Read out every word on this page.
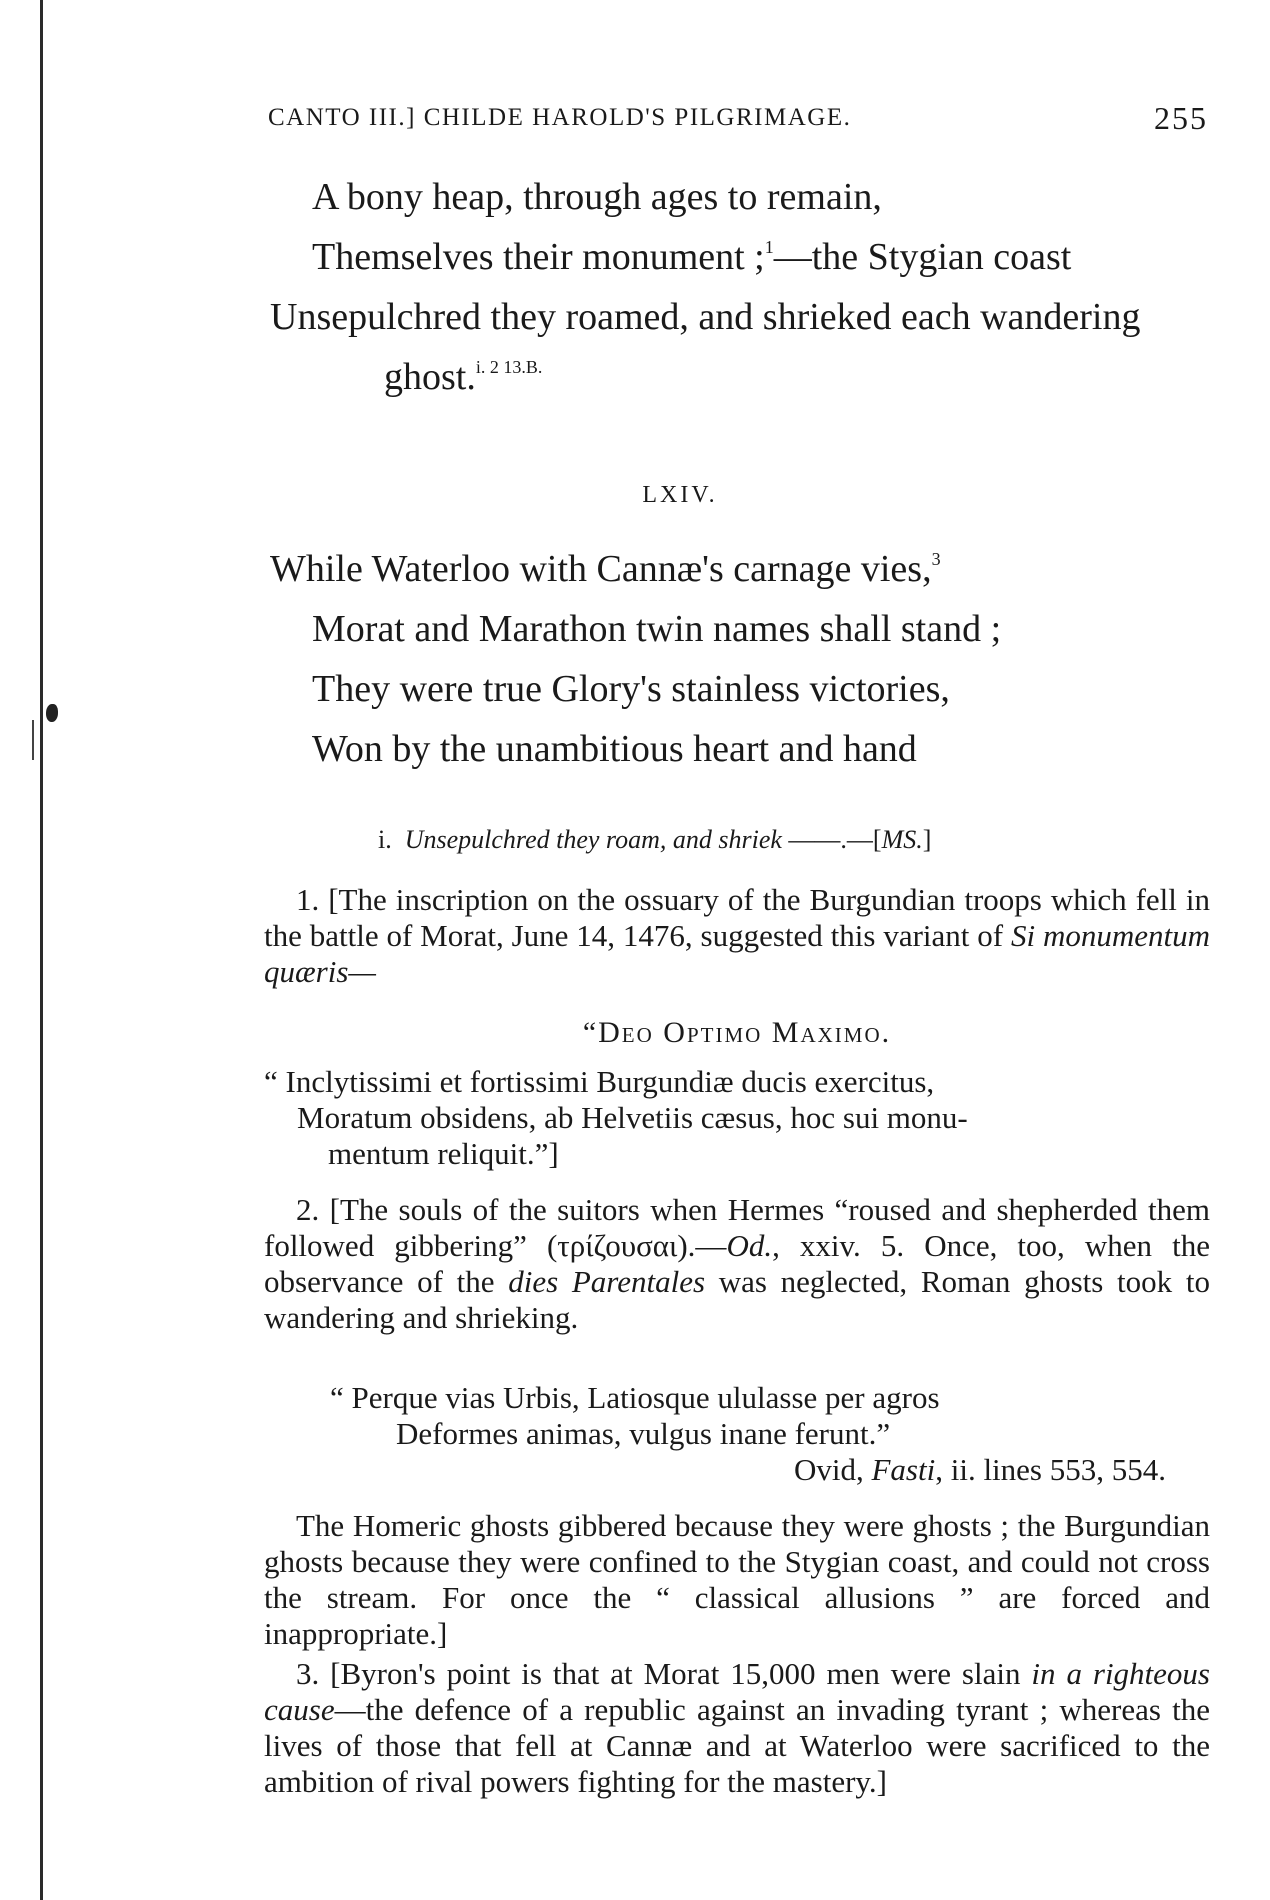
CANTO III.] CHILDE HAROLD'S PILGRIMAGE.	255
A bony heap, through ages to remain,
Themselves their monument ;$^1$—the Stygian coast
Unsepulchred they roamed, and shrieked each wandering
ghost.$^{i. 2 13.B.}$
LXIV.
While Waterloo with Cannæ's carnage vies,$^3$
Morat and Marathon twin names shall stand ;
They were true Glory's stainless victories,
Won by the unambitious heart and hand
i. Unsepulchred they roam, and shriek ——.—[MS.]
1. [The inscription on the ossuary of the Burgundian troops which fell in the battle of Morat, June 14, 1476, suggested this variant of Si monumentum quæris—
“Deo Optimo Maximo.
“ Inclytissimi et fortissimi Burgundiæ ducis exercitus,
Moratum obsidens, ab Helvetiis cæsus, hoc sui monu-
mentum reliquit.”]
2. [The souls of the suitors when Hermes “roused and shepherded them followed gibbering” (τρίζουσαι).—Od., xxiv. 5. Once, too, when the observance of the dies Parentales was neglected, Roman ghosts took to wandering and shrieking.
“ Perque vias Urbis, Latiosque ululasse per agros
Deformes animas, vulgus inane ferunt.”
Ovid, Fasti, ii. lines 553, 554.
The Homeric ghosts gibbered because they were ghosts ; the Burgundian ghosts because they were confined to the Stygian coast, and could not cross the stream. For once the “ classical allusions ” are forced and inappropriate.]
3. [Byron's point is that at Morat 15,000 men were slain in a righteous cause—the defence of a republic against an invading tyrant ; whereas the lives of those that fell at Cannæ and at Waterloo were sacrificed to the ambition of rival powers fighting for the mastery.]
